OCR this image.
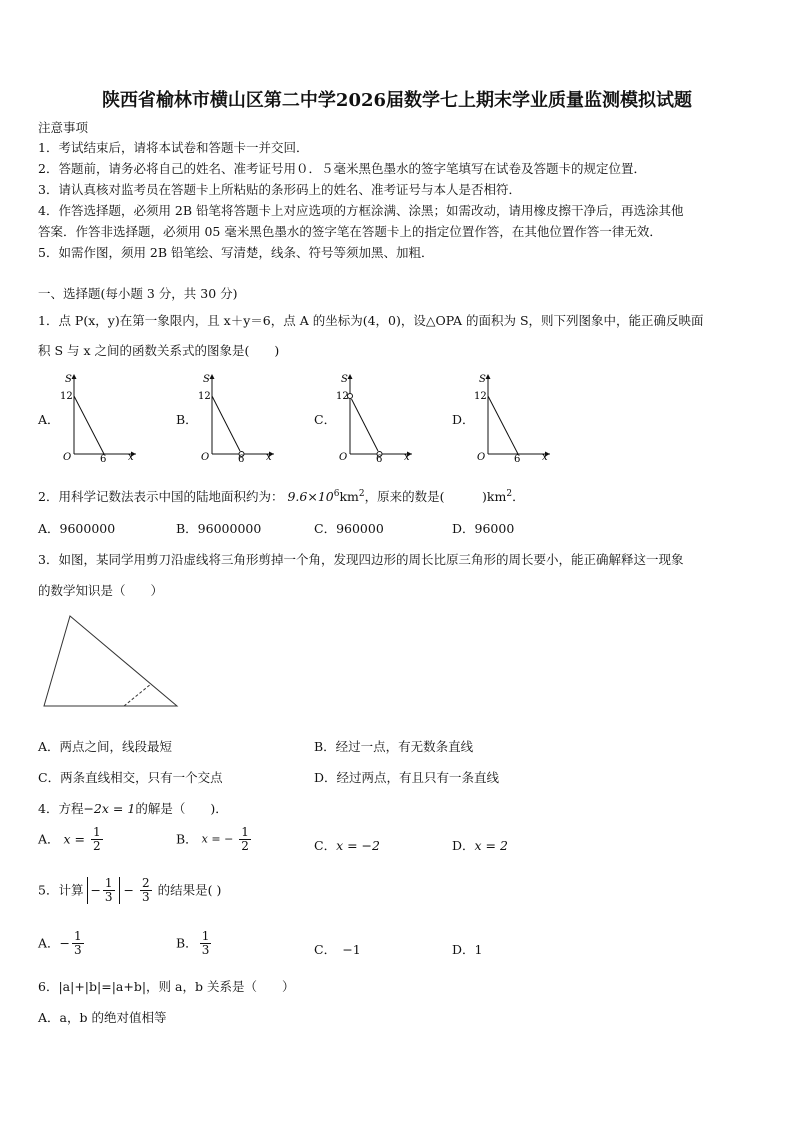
陕西省榆林市横山区第二中学2026届数学七上期末学业质量监测模拟试题
注意事项
1．考试结束后，请将本试卷和答题卡一并交回．
2．答题前，请务必将自己的姓名、准考证号用０．５毫米黑色墨水的签字笔填写在试卷及答题卡的规定位置．
3．请认真核对监考员在答题卡上所粘贴的条形码上的姓名、准考证号与本人是否相符．
4．作答选择题，必须用 2B 铅笔将答题卡上对应选项的方框涂满、涂黑；如需改动，请用橡皮擦干净后，再选涂其他
答案．作答非选择题，必须用 05 毫米黑色墨水的签字笔在答题卡上的指定位置作答，在其他位置作答一律无效．
5．如需作图，须用 2B 铅笔绘、写清楚，线条、符号等须加黑、加粗．
一、选择题(每小题 3 分，共 30 分)
1．点 P(x，y)在第一象限内，且 x＋y＝6，点 A 的坐标为(4，0)，设△OPA 的面积为 S，则下列图象中，能正确反映面
积 S 与 x 之间的函数关系式的图象是(　　)
A．	B．	C．	D．
S
12
O	6 x
S
12
O	6 x
S
12
O	6 x
S
12
O	6 x
2．用科学记数法表示中国的陆地面积约为： $9.6\times 10^6km^2$，原来的数是(　　　)$km^2$．
A．9600000	B．96000000	C．960000	D．96000
3．如图，某同学用剪刀沿虚线将三角形剪掉一个角，发现四边形的周长比原三角形的周长要小，能正确解释这一现象
的数学知识是（　　）
A．两点之间，线段最短	B．经过一点，有无数条直线
C．两条直线相交，只有一个交点	D．经过两点，有且只有一条直线
4．方程−2x = 1的解是（　　)．
A． $x = \frac{1}{2}$	B． x = − $\frac{1}{2}$	C．x = −2	D．x = 2
5．计算 − $\frac{1}{3} - \frac{2}{3}$ 的结果是( )
A．− $\frac{1}{3}$	B． $\frac{1}{3}$	C．　−1	D．1
6．|a|+|b|=|a+b|，则 a，b 关系是（　　）
A．a，b 的绝对值相等
